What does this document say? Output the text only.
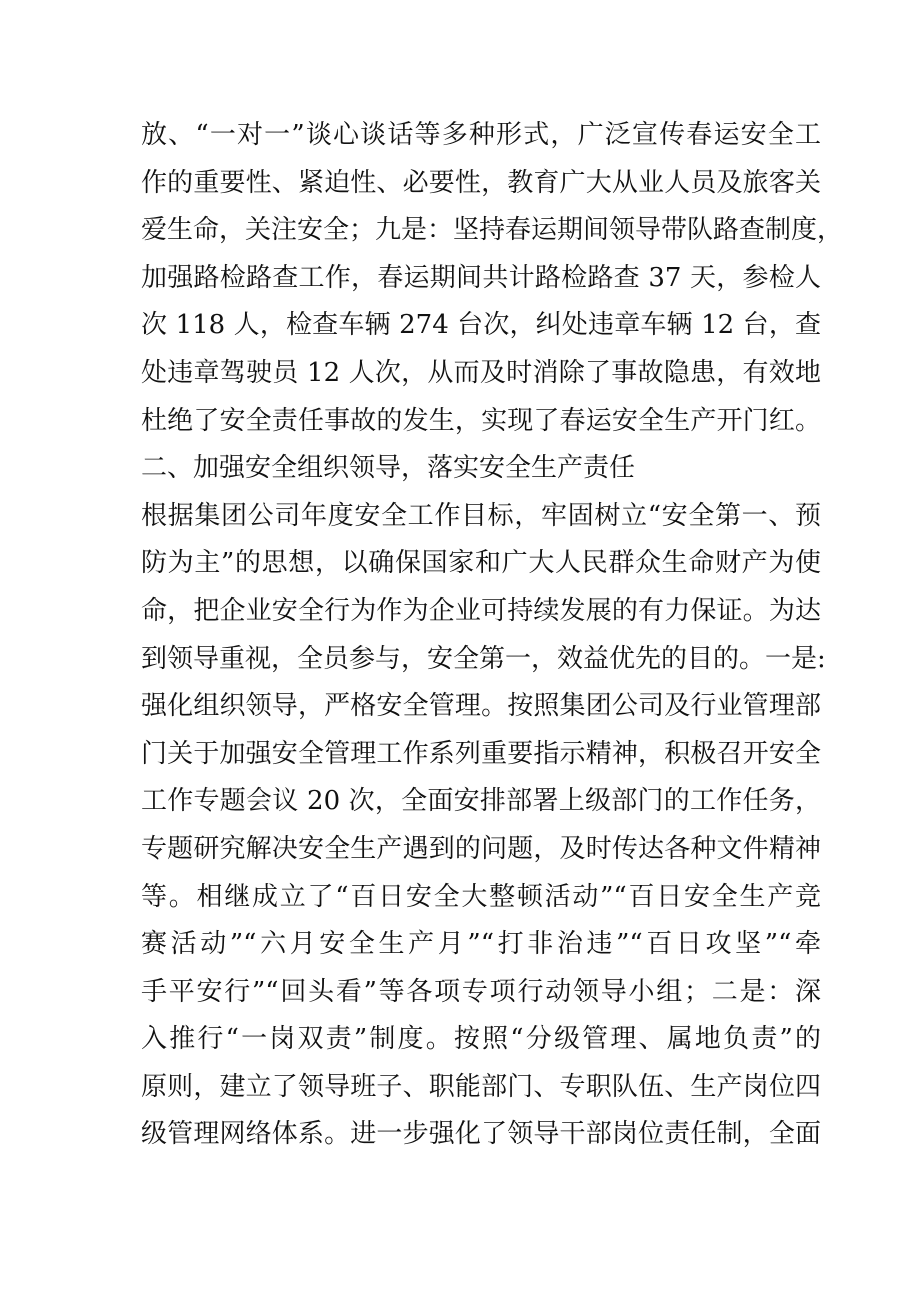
放、“一对一”谈心谈话等多种形式，广泛宣传春运安全工
作的重要性、紧迫性、必要性，教育广大从业人员及旅客关
爱生命，关注安全；九是：坚持春运期间领导带队路查制度，
加强路检路查工作，春运期间共计路检路查 37 天，参检人
次 118 人，检查车辆 274 台次，纠处违章车辆 12 台，查
处违章驾驶员 12 人次，从而及时消除了事故隐患，有效地
杜绝了安全责任事故的发生，实现了春运安全生产开门红。
二、加强安全组织领导，落实安全生产责任
根据集团公司年度安全工作目标，牢固树立“安全第一、预
防为主”的思想，以确保国家和广大人民群众生命财产为使
命，把企业安全行为作为企业可持续发展的有力保证。为达
到领导重视，全员参与，安全第一，效益优先的目的。一是:
强化组织领导，严格安全管理。按照集团公司及行业管理部
门关于加强安全管理工作系列重要指示精神，积极召开安全
工作专题会议 20 次，全面安排部署上级部门的工作任务，
专题研究解决安全生产遇到的问题，及时传达各种文件精神
等。相继成立了“百日安全大整顿活动”“百日安全生产竞
赛活动”“六月安全生产月”“打非治违”“百日攻坚”“牵
手平安行”“回头看”等各项专项行动领导小组；二是：深
入推行“一岗双责”制度。按照“分级管理、属地负责”的
原则，建立了领导班子、职能部门、专职队伍、生产岗位四
级管理网络体系。进一步强化了领导干部岗位责任制，全面
